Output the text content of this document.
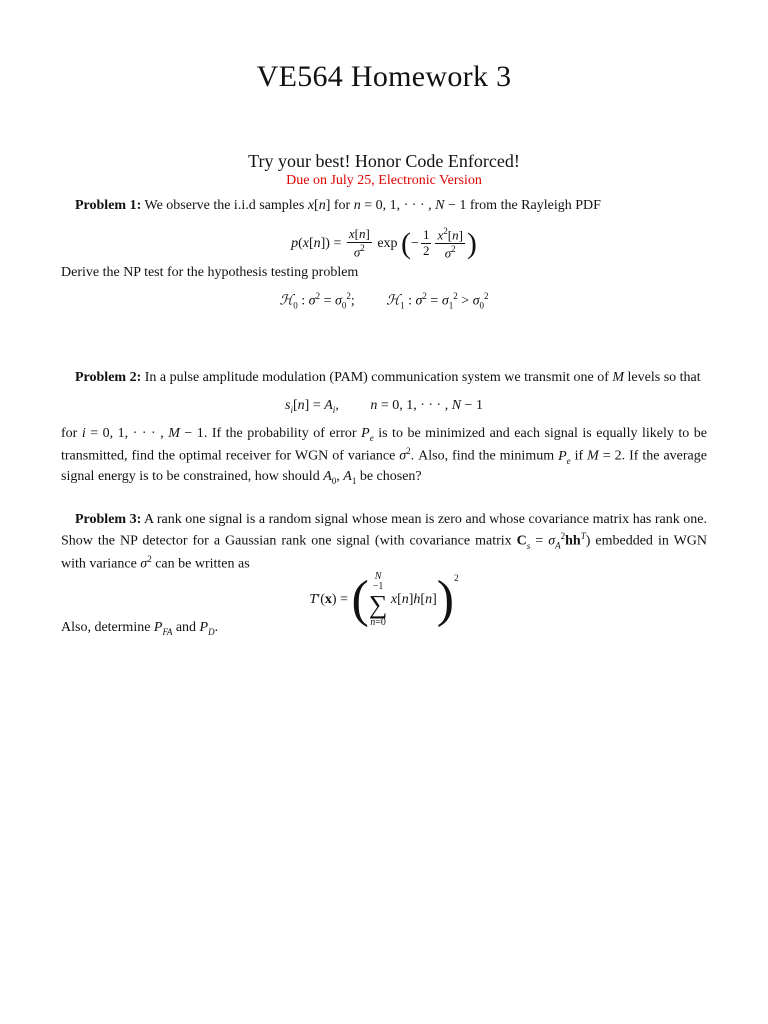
VE564 Homework 3
Try your best! Honor Code Enforced!
Due on July 25, Electronic Version
Problem 1: We observe the i.i.d samples x[n] for n = 0, 1, · · · , N − 1 from the Rayleigh PDF
$p(x[n]) = \frac{x[n]}{\sigma^2}$ exp (− $\frac{1}{2} \frac{x^2[n]}{\sigma^2}$ )
Derive the NP test for the hypothesis testing problem
ℋ$_0$ : $\sigma^2 = \sigma_0^2$;         ℋ$_1$ : $\sigma^2 = \sigma_1^2 > \sigma_0^2$
Problem 2: In a pulse amplitude modulation (PAM) communication system we transmit one of M levels so that
$s_i[n] = A_i$,         n = 0, 1, · · · , N − 1
for i = 0, 1, · · · , M − 1. If the probability of error $P_e$ is to be minimized and each signal is equally likely to be transmitted, find the optimal receiver for WGN of variance $\sigma^2$. Also, find the minimum $P_e$ if M = 2. If the average signal energy is to be constrained, how should $A_0$, $A_1$ be chosen?
Problem 3: A rank one signal is a random signal whose mean is zero and whose covariance matrix has rank one. Show the NP detector for a Gaussian rank one signal (with covariance matrix $C_s = \sigma_A^2hh^T$) embedded in WGN with variance $\sigma^2$ can be written as
T′(x) = ( N
−1
∑
n=0
x[n]h[n])$^2$
Also, determine $P_{FA}$ and $P_D$.
